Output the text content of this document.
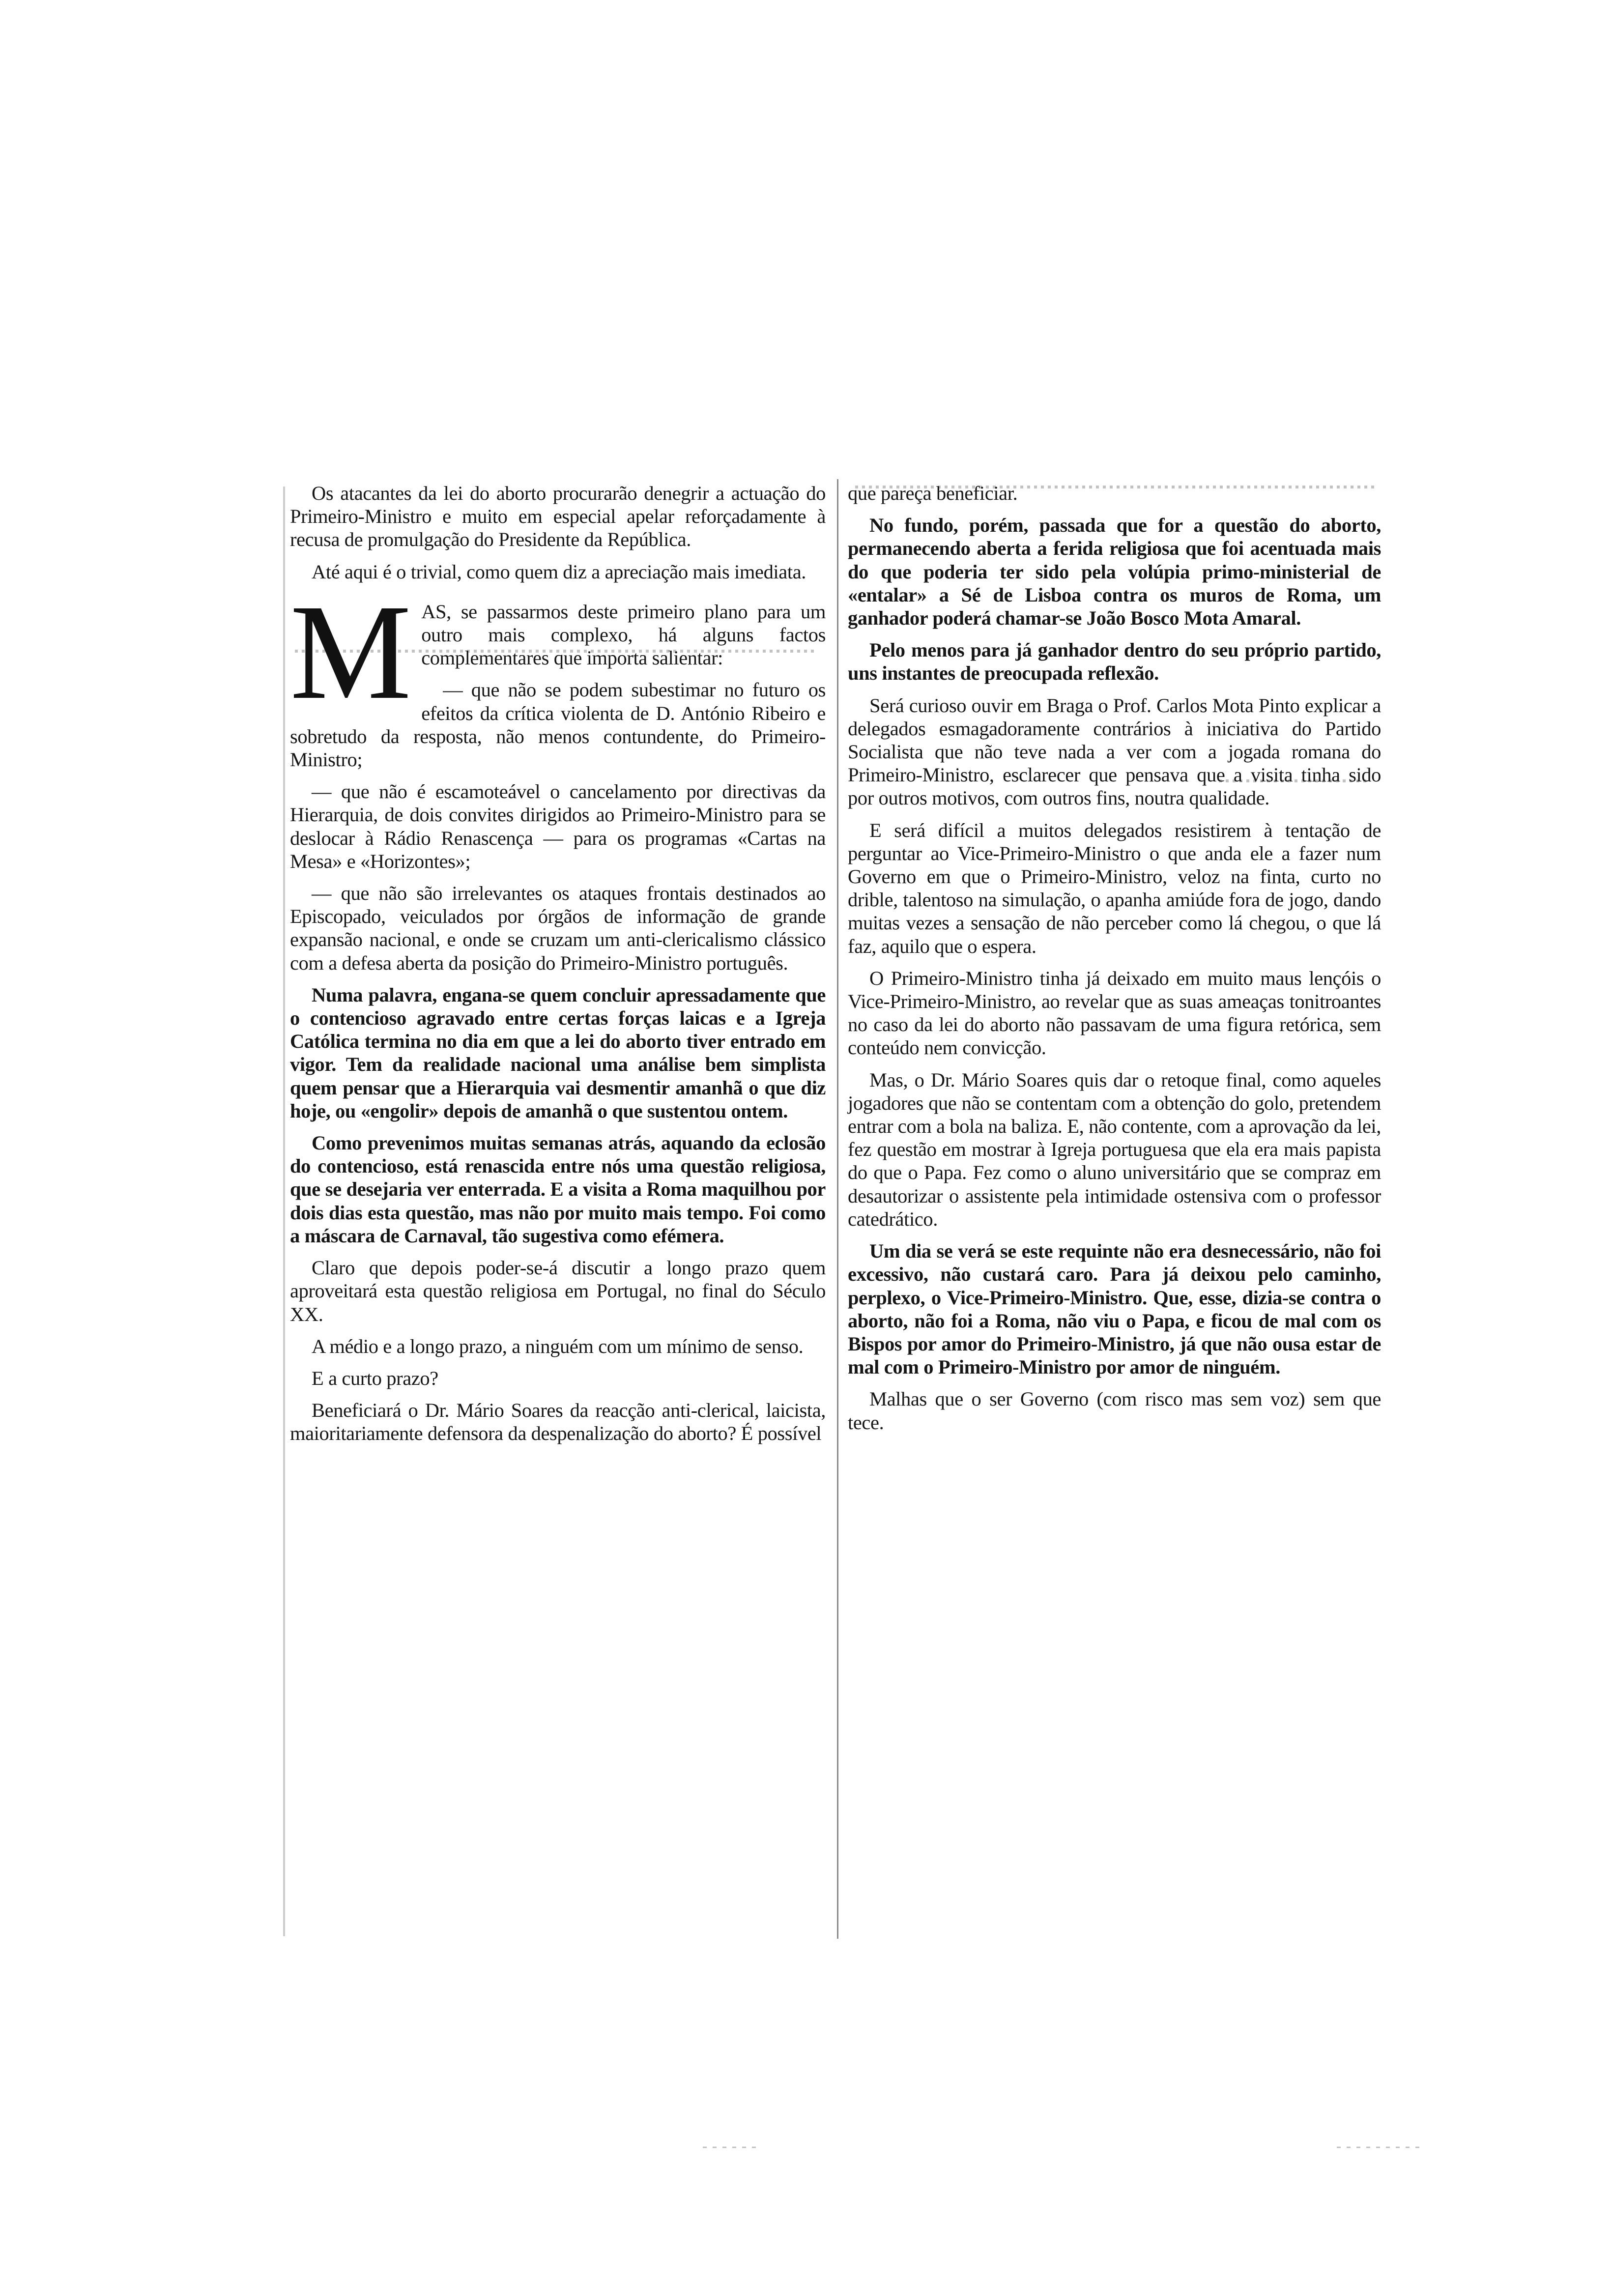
Os atacantes da lei do aborto procurarão denegrir a actuação do Primeiro-Ministro e muito em especial apelar reforçadamente à recusa de promulgação do Presidente da República.

Até aqui é o trivial, como quem diz a apreciação mais imediata.

M AS, se passarmos deste primeiro plano para um outro mais complexo, há alguns factos complementares que importa salientar:

— que não se podem subestimar no futuro os efeitos da crítica violenta de D. António Ribeiro e sobretudo da resposta, não menos contundente, do Primeiro-Ministro;

— que não é escamoteável o cancelamento por directivas da Hierarquia, de dois convites dirigidos ao Primeiro-Ministro para se deslocar à Rádio Renascença — para os programas «Cartas na Mesa» e «Horizontes»;

— que não são irrelevantes os ataques frontais destinados ao Episcopado, veiculados por órgãos de informação de grande expansão nacional, e onde se cruzam um anti-clericalismo clássico com a defesa aberta da posição do Primeiro-Ministro português.

Numa palavra, engana-se quem concluir apressadamente que o contencioso agravado entre certas forças laicas e a Igreja Católica termina no dia em que a lei do aborto tiver entrado em vigor. Tem da realidade nacional uma análise bem simplista quem pensar que a Hierarquia vai desmentir amanhã o que diz hoje, ou «engolir» depois de amanhã o que sustentou ontem.

Como prevenimos muitas semanas atrás, aquando da eclosão do contencioso, está renascida entre nós uma questão religiosa, que se desejaria ver enterrada. E a visita a Roma maquilhou por dois dias esta questão, mas não por muito mais tempo. Foi como a máscara de Carnaval, tão sugestiva como efémera.

Claro que depois poder-se-á discutir a longo prazo quem aproveitará esta questão religiosa em Portugal, no final do Século XX.

A médio e a longo prazo, a ninguém com um mínimo de senso.

E a curto prazo?

Beneficiará o Dr. Mário Soares da reacção anti-clerical, laicista, maioritariamente defensora da despenalização do aborto? É possível

que pareça beneficiar.

No fundo, porém, passada que for a questão do aborto, permanecendo aberta a ferida religiosa que foi acentuada mais do que poderia ter sido pela volúpia primo-ministerial de «entalar» a Sé de Lisboa contra os muros de Roma, um ganhador poderá chamar-se João Bosco Mota Amaral.

Pelo menos para já ganhador dentro do seu próprio partido, uns instantes de preocupada reflexão.

Será curioso ouvir em Braga o Prof. Carlos Mota Pinto explicar a delegados esmagadoramente contrários à iniciativa do Partido Socialista que não teve nada a ver com a jogada romana do Primeiro-Ministro, esclarecer que pensava que a visita tinha sido por outros motivos, com outros fins, noutra qualidade.

E será difícil a muitos delegados resistirem à tentação de perguntar ao Vice-Primeiro-Ministro o que anda ele a fazer num Governo em que o Primeiro-Ministro, veloz na finta, curto no drible, talentoso na simulação, o apanha amiúde fora de jogo, dando muitas vezes a sensação de não perceber como lá chegou, o que lá faz, aquilo que o espera.

O Primeiro-Ministro tinha já deixado em muito maus lençóis o Vice-Primeiro-Ministro, ao revelar que as suas ameaças tonitroantes no caso da lei do aborto não passavam de uma figura retórica, sem conteúdo nem convicção.

Mas, o Dr. Mário Soares quis dar o retoque final, como aqueles jogadores que não se contentam com a obtenção do golo, pretendem entrar com a bola na baliza. E, não contente, com a aprovação da lei, fez questão em mostrar à Igreja portuguesa que ela era mais papista do que o Papa. Fez como o aluno universitário que se compraz em desautorizar o assistente pela intimidade ostensiva com o professor catedrático.

Um dia se verá se este requinte não era desnecessário, não foi excessivo, não custará caro. Para já deixou pelo caminho, perplexo, o Vice-Primeiro-Ministro. Que, esse, dizia-se contra o aborto, não foi a Roma, não viu o Papa, e ficou de mal com os Bispos por amor do Primeiro-Ministro, já que não ousa estar de mal com o Primeiro-Ministro por amor de ninguém.

Malhas que o ser Governo (com risco mas sem voz) sem que tece.
